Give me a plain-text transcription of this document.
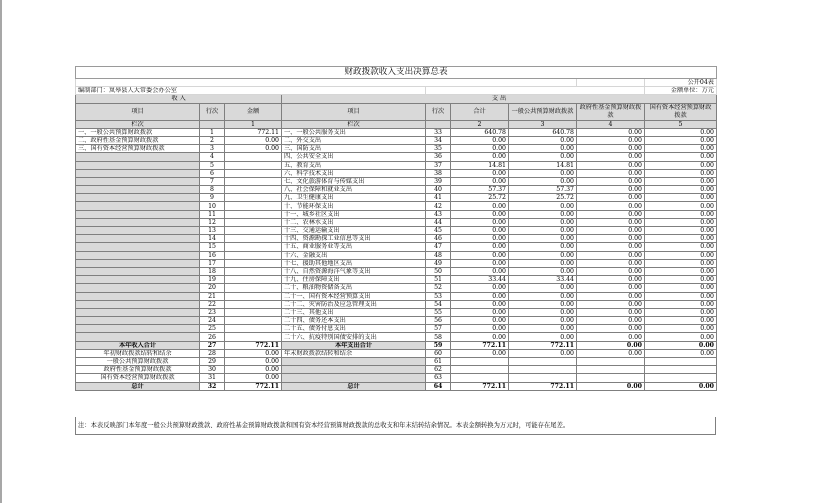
财政拨款收入支出决算总表								
								公开04表
编制部门：岚皋县人大常委会办公室								金额单位：万元
收 入			支 出					
项目	行次	金额	项目	行次	合计	一般公共预算财政拨款	政府性基金预算财政拨款	国有资本经营预算财政拨款
栏次		1	栏次		2	3	4	5
一、一般公共预算财政拨款	1	772.11	一、一般公共服务支出	33	640.78	640.78	0.00	0.00
二、政府性基金预算财政拨款	2	0.00	二、外交支出	34	0.00	0.00	0.00	0.00
三、国有资本经营预算财政拨款	3	0.00	三、国防支出	35	0.00	0.00	0.00	0.00
	4		四、公共安全支出	36	0.00	0.00	0.00	0.00
	5		五、教育支出	37	14.81	14.81	0.00	0.00
	6		六、科学技术支出	38	0.00	0.00	0.00	0.00
	7		七、文化旅游体育与传媒支出	39	0.00	0.00	0.00	0.00
	8		八、社会保障和就业支出	40	57.37	57.37	0.00	0.00
	9		九、卫生健康支出	41	25.72	25.72	0.00	0.00
	10		十、节能环保支出	42	0.00	0.00	0.00	0.00
	11		十一、城乡社区支出	43	0.00	0.00	0.00	0.00
	12		十二、农林水支出	44	0.00	0.00	0.00	0.00
	13		十三、交通运输支出	45	0.00	0.00	0.00	0.00
	14		十四、资源勘探工业信息等支出	46	0.00	0.00	0.00	0.00
	15		十五、商业服务业等支出	47	0.00	0.00	0.00	0.00
	16		十六、金融支出	48	0.00	0.00	0.00	0.00
	17		十七、援助其他地区支出	49	0.00	0.00	0.00	0.00
	18		十八、自然资源海洋气象等支出	50	0.00	0.00	0.00	0.00
	19		十九、住房保障支出	51	33.44	33.44	0.00	0.00
	20		二十、粮油物资储备支出	52	0.00	0.00	0.00	0.00
	21		二十一、国有资本经营预算支出	53	0.00	0.00	0.00	0.00
	22		二十二、灾害防治及应急管理支出	54	0.00	0.00	0.00	0.00
	23		二十三、其他支出	55	0.00	0.00	0.00	0.00
	24		二十四、债务还本支出	56	0.00	0.00	0.00	0.00
	25		二十五、债务付息支出	57	0.00	0.00	0.00	0.00
	26		二十六、抗疫特别国债安排的支出	58	0.00	0.00	0.00	0.00
本年收入合计	27	772.11	本年支出合计	59	772.11	772.11	0.00	0.00
年初财政拨款结转和结余	28	0.00	年末财政拨款结转和结余	60	0.00	0.00	0.00	0.00
一般公共预算财政拨款	29	0.00		61				
政府性基金预算财政拨款	30	0.00		62				
国有资本经营预算财政拨款	31	0.00		63				
总计	32	772.11	总计	64	772.11	772.11	0.00	0.00
注：本表反映部门本年度一般公共预算财政拨款、政府性基金预算财政拨款和国有资本经营预算财政拨款的总收支和年末结转结余情况。本表金额转换为万元时，可能存在尾差。
